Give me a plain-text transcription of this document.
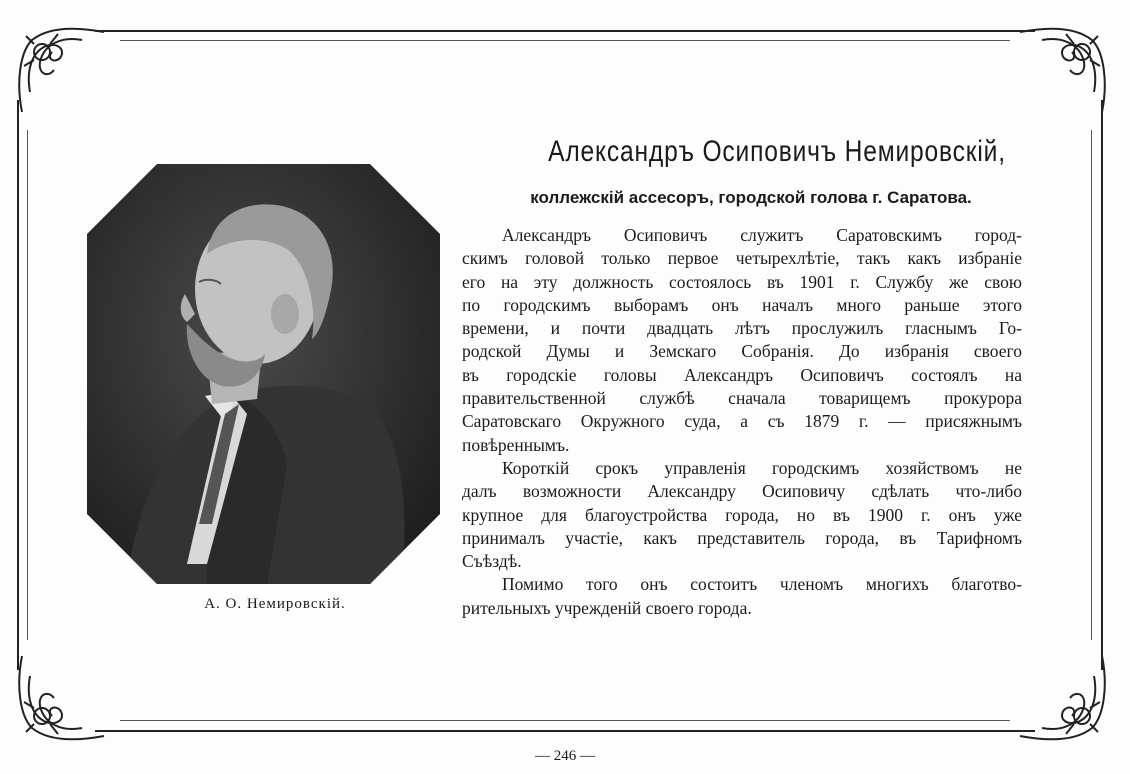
А. О. Немировскій.
Александръ Осиповичъ Немировскій,
коллежскій ассесоръ, городской голова г. Саратова.
Александръ Осиповичъ служитъ Саратовскимъ город-
скимъ головой только первое четырехлѣтіе, такъ какъ избраніе
его на эту должность состоялось въ 1901 г. Службу же свою
по городскимъ выборамъ онъ началъ много раньше этого
времени, и почти двадцать лѣтъ прослужилъ гласнымъ Го-
родской Думы и Земскаго Собранія. До избранія своего
въ городскіе головы Александръ Осиповичъ состоялъ на
правительственной службѣ сначала товарищемъ прокурора
Саратовскаго Окружного суда, а съ 1879 г. — присяжнымъ
повѣреннымъ.
Короткій срокъ управленія городскимъ хозяйствомъ не
далъ возможности Александру Осиповичу сдѣлать что-либо
крупное для благоустройства города, но въ 1900 г. онъ уже
принималъ участіе, какъ представитель города, въ Тарифномъ
Съѣздѣ.
Помимо того онъ состоитъ членомъ многихъ благотво-
рительныхъ учрежденій своего города.
— 246 —
